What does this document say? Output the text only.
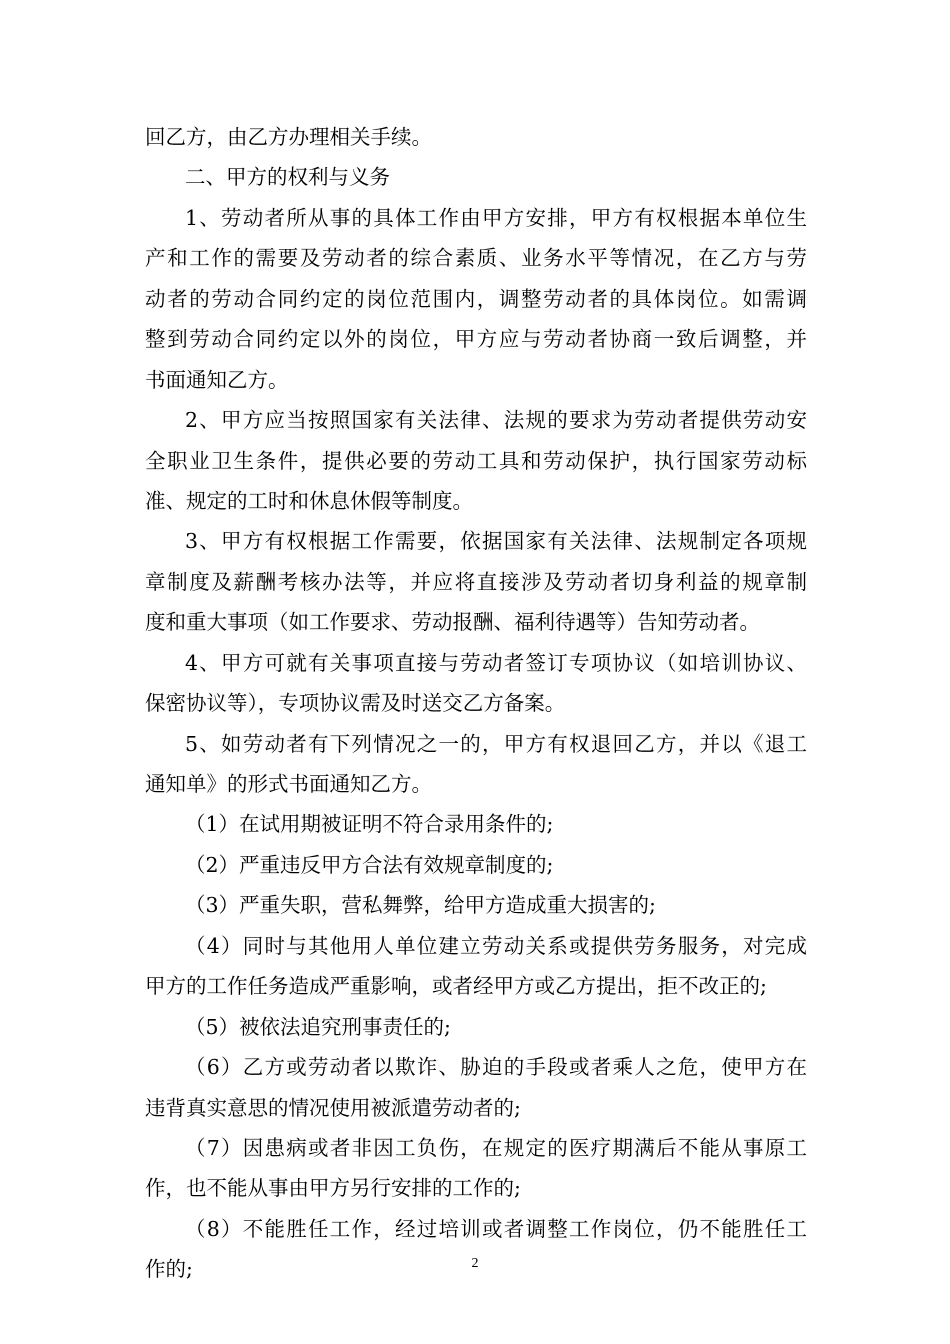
回乙方，由乙方办理相关手续。
二、甲方的权利与义务
1、劳动者所从事的具体工作由甲方安排，甲方有权根据本单位生
产和工作的需要及劳动者的综合素质、业务水平等情况，在乙方与劳
动者的劳动合同约定的岗位范围内，调整劳动者的具体岗位。如需调
整到劳动合同约定以外的岗位，甲方应与劳动者协商一致后调整，并
书面通知乙方。
2、甲方应当按照国家有关法律、法规的要求为劳动者提供劳动安
全职业卫生条件，提供必要的劳动工具和劳动保护，执行国家劳动标
准、规定的工时和休息休假等制度。
3、甲方有权根据工作需要，依据国家有关法律、法规制定各项规
章制度及薪酬考核办法等，并应将直接涉及劳动者切身利益的规章制
度和重大事项（如工作要求、劳动报酬、福利待遇等）告知劳动者。
4、甲方可就有关事项直接与劳动者签订专项协议（如培训协议、
保密协议等），专项协议需及时送交乙方备案。
5、如劳动者有下列情况之一的，甲方有权退回乙方，并以《退工
通知单》的形式书面通知乙方。
（1）在试用期被证明不符合录用条件的;
（2）严重违反甲方合法有效规章制度的;
（3）严重失职，营私舞弊，给甲方造成重大损害的;
（4）同时与其他用人单位建立劳动关系或提供劳务服务，对完成
甲方的工作任务造成严重影响，或者经甲方或乙方提出，拒不改正的;
（5）被依法追究刑事责任的;
（6）乙方或劳动者以欺诈、胁迫的手段或者乘人之危，使甲方在
违背真实意思的情况使用被派遣劳动者的;
（7）因患病或者非因工负伤，在规定的医疗期满后不能从事原工
作，也不能从事由甲方另行安排的工作的;
（8）不能胜任工作，经过培训或者调整工作岗位，仍不能胜任工
作的;	2
